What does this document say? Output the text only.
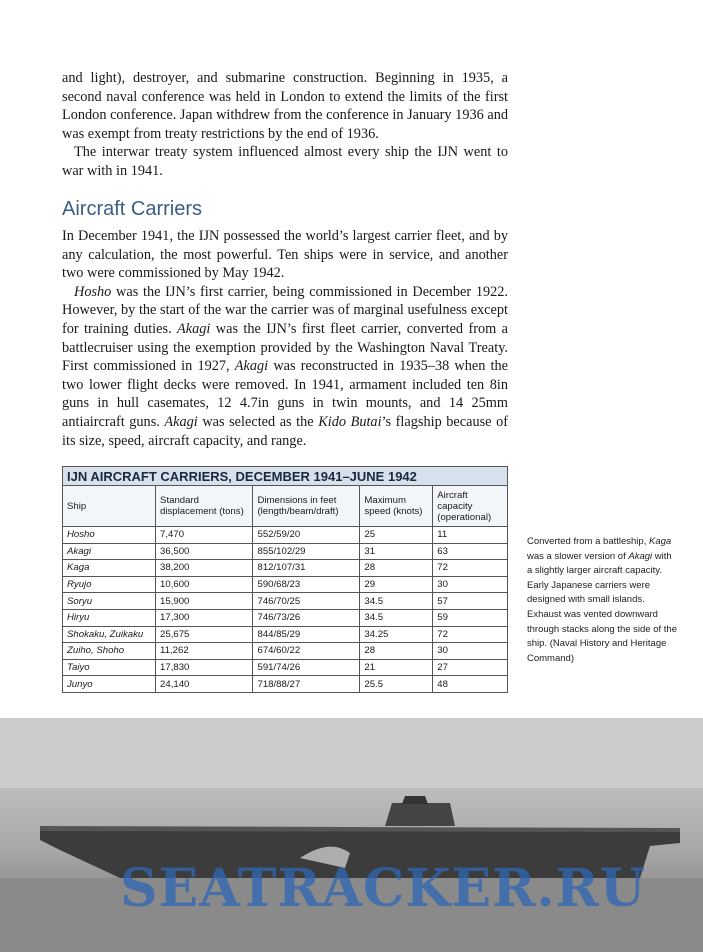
and light), destroyer, and submarine construction. Beginning in 1935, a second naval conference was held in London to extend the limits of the first London conference. Japan withdrew from the conference in January 1936 and was exempt from treaty restrictions by the end of 1936.

The interwar treaty system influenced almost every ship the IJN went to war with in 1941.

Aircraft Carriers

In December 1941, the IJN possessed the world’s largest carrier fleet, and by any calculation, the most powerful. Ten ships were in service, and another two were commissioned by May 1942.

Hosho was the IJN’s first carrier, being commissioned in December 1922. However, by the start of the war the carrier was of marginal usefulness except for training duties. Akagi was the IJN’s first fleet carrier, converted from a battlecruiser using the exemption provided by the Washington Naval Treaty. First commissioned in 1927, Akagi was reconstructed in 1935–38 when the two lower flight decks were removed. In 1941, armament included ten 8in guns in hull casemates, 12 4.7in guns in twin mounts, and 14 25mm antiaircraft guns. Akagi was selected as the Kido Butai’s flagship because of its size, speed, aircraft capacity, and range.

IJN AIRCRAFT CARRIERS, DECEMBER 1941–JUNE 1942				
Ship	Standard displacement (tons)	Dimensions in feet (length/beam/draft)	Maximum speed (knots)	Aircraft capacity (operational)
Hosho	7,470	552/59/20	25	11
Akagi	36,500	855/102/29	31	63
Kaga	38,200	812/107/31	28	72
Ryujo	10,600	590/68/23	29	30
Soryu	15,900	746/70/25	34.5	57
Hiryu	17,300	746/73/26	34.5	59
Shokaku, Zuikaku	25,675	844/85/29	34.25	72
Zuiho, Shoho	11,262	674/60/22	28	30
Taiyo	17,830	591/74/26	21	27
Junyo	24,140	718/88/27	25.5	48
Converted from a battleship, Kaga was a slower version of Akagi with a slightly larger aircraft capacity. Early Japanese carriers were designed with small islands. Exhaust was vented downward through stacks along the side of the ship. (Naval History and Heritage Command)
SEATRACKER.RU
